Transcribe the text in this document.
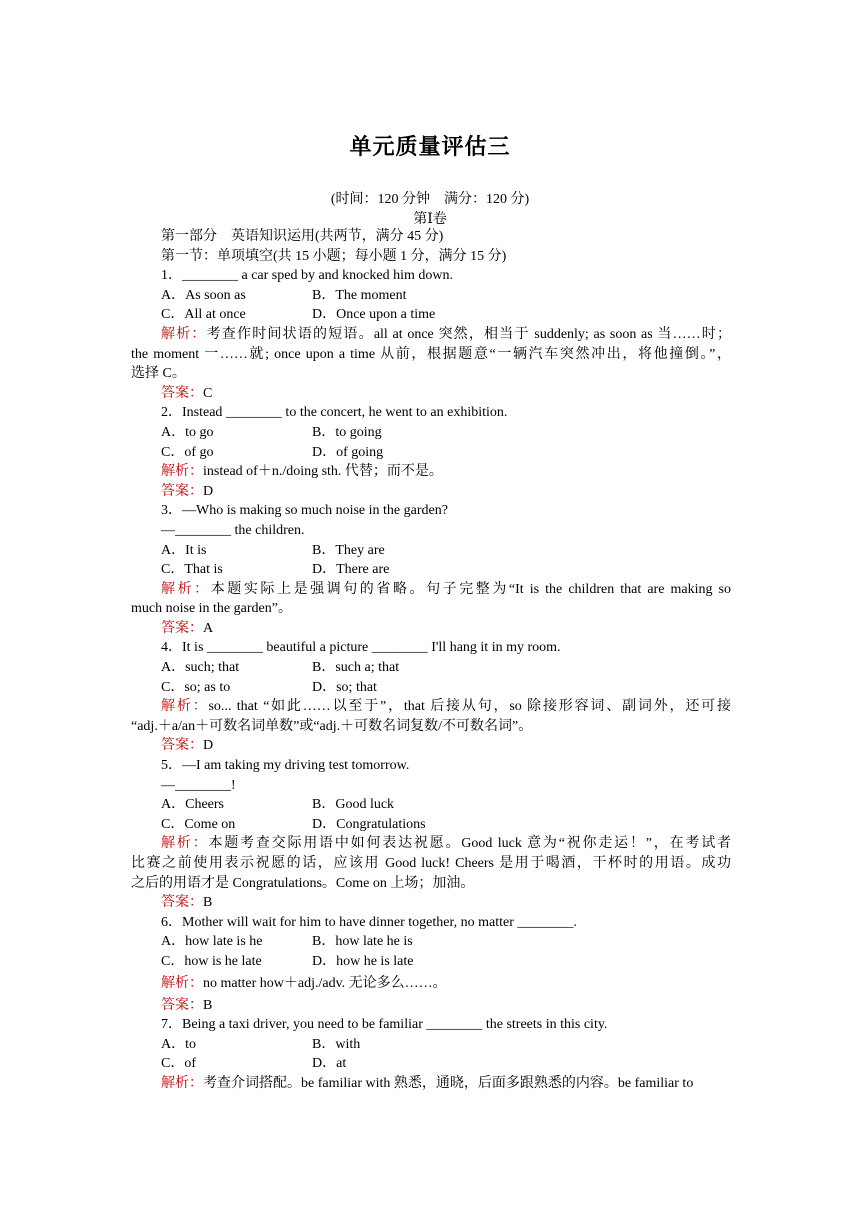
单元质量评估三
(时间：120 分钟　满分：120 分)
第Ⅰ卷
第一部分　英语知识运用(共两节，满分 45 分)
第一节：单项填空(共 15 小题；每小题 1 分，满分 15 分)
1．________ a car sped by and knocked him down.
A．As soon as	B．The moment
C．All at once	D．Once upon a time
解析：考查作时间状语的短语。all at once 突然，相当于 suddenly; as soon as 当……时；
the moment 一……就; once upon a time 从前，根据题意“一辆汽车突然冲出，将他撞倒。”，
选择 C。
答案：C
2．Instead ________ to the concert, he went to an exhibition.
A．to go	B．to going
C．of go	D．of going
解析：instead of＋n./doing sth. 代替；而不是。
答案：D
3．—Who is making so much noise in the garden?
—________ the children.
A．It is	B．They are
C．That is	D．There are
解析：本题实际上是强调句的省略。句子完整为“It is the children that are making so
much noise in the garden”。
答案：A
4．It is ________ beautiful a picture ________ I'll hang it in my room.
A．such; that	B．such a; that
C．so; as to	D．so; that
解析：so... that “如此……以至于”，that 后接从句，so 除接形容词、副词外，还可接
“adj.＋a/an＋可数名词单数”或“adj.＋可数名词复数/不可数名词”。
答案：D
5．—I am taking my driving test tomorrow.
—________!
A．Cheers	B．Good luck
C．Come on	D．Congratulations
解析：本题考查交际用语中如何表达祝愿。Good luck 意为“祝你走运！”，在考试者
比赛之前使用表示祝愿的话，应该用 Good luck! Cheers 是用于喝酒，干杯时的用语。成功
之后的用语才是 Congratulations。Come on 上场；加油。
答案：B
6．Mother will wait for him to have dinner together, no matter ________.
A．how late is he	B．how late he is
C．how is he late	D．how he is late
解析：no matter how＋adj./adv. 无论多么……。
答案：B
7．Being a taxi driver, you need to be familiar ________ the streets in this city.
A．to	B．with
C．of	D．at
解析：考查介词搭配。be familiar with 熟悉，通晓，后面多跟熟悉的内容。be familiar to
